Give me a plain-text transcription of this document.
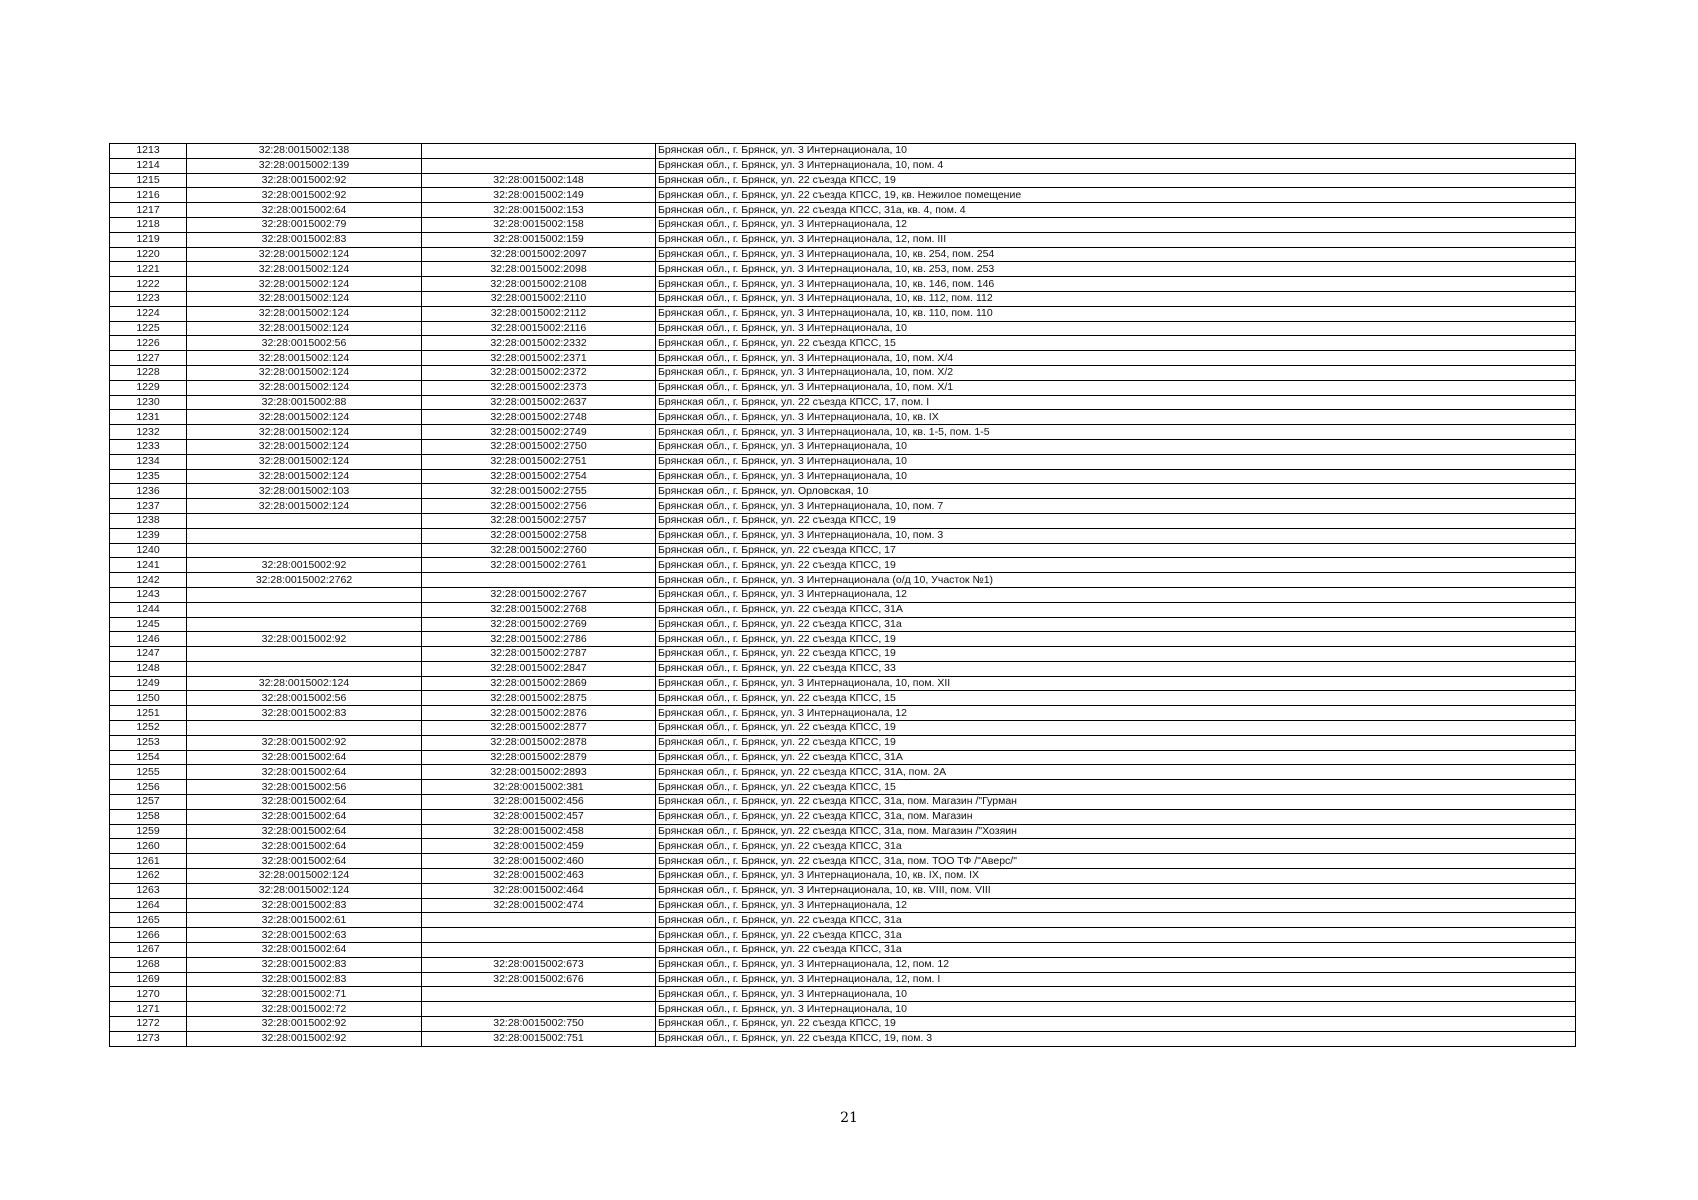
1213	32:28:0015002:138		Брянская обл., г. Брянск, ул. 3 Интернационала, 10
1214	32:28:0015002:139		Брянская обл., г. Брянск, ул. 3 Интернационала, 10, пом. 4
1215	32:28:0015002:92	32:28:0015002:148	Брянская обл., г. Брянск, ул. 22 съезда КПСС, 19
1216	32:28:0015002:92	32:28:0015002:149	Брянская обл., г. Брянск, ул. 22 съезда КПСС, 19, кв. Нежилое помещение
1217	32:28:0015002:64	32:28:0015002:153	Брянская обл., г. Брянск, ул. 22 съезда КПСС, 31а, кв. 4, пом. 4
1218	32:28:0015002:79	32:28:0015002:158	Брянская обл., г. Брянск, ул. 3 Интернационала, 12
1219	32:28:0015002:83	32:28:0015002:159	Брянская обл., г. Брянск, ул. 3 Интернационала, 12, пом. III
1220	32:28:0015002:124	32:28:0015002:2097	Брянская обл., г. Брянск, ул. 3 Интернационала, 10, кв. 254, пом. 254
1221	32:28:0015002:124	32:28:0015002:2098	Брянская обл., г. Брянск, ул. 3 Интернационала, 10, кв. 253, пом. 253
1222	32:28:0015002:124	32:28:0015002:2108	Брянская обл., г. Брянск, ул. 3 Интернационала, 10, кв. 146, пом. 146
1223	32:28:0015002:124	32:28:0015002:2110	Брянская обл., г. Брянск, ул. 3 Интернационала, 10, кв. 112, пом. 112
1224	32:28:0015002:124	32:28:0015002:2112	Брянская обл., г. Брянск, ул. 3 Интернационала, 10, кв. 110, пом. 110
1225	32:28:0015002:124	32:28:0015002:2116	Брянская обл., г. Брянск, ул. 3 Интернационала, 10
1226	32:28:0015002:56	32:28:0015002:2332	Брянская обл., г. Брянск, ул. 22 съезда КПСС, 15
1227	32:28:0015002:124	32:28:0015002:2371	Брянская обл., г. Брянск, ул. 3 Интернационала, 10, пом. Х/4
1228	32:28:0015002:124	32:28:0015002:2372	Брянская обл., г. Брянск, ул. 3 Интернационала, 10, пом. Х/2
1229	32:28:0015002:124	32:28:0015002:2373	Брянская обл., г. Брянск, ул. 3 Интернационала, 10, пом. Х/1
1230	32:28:0015002:88	32:28:0015002:2637	Брянская обл., г. Брянск, ул. 22 съезда КПСС, 17, пом. I
1231	32:28:0015002:124	32:28:0015002:2748	Брянская обл., г. Брянск, ул. 3 Интернационала, 10, кв. IX
1232	32:28:0015002:124	32:28:0015002:2749	Брянская обл., г. Брянск, ул. 3 Интернационала, 10, кв. 1-5, пом. 1-5
1233	32:28:0015002:124	32:28:0015002:2750	Брянская обл., г. Брянск, ул. 3 Интернационала, 10
1234	32:28:0015002:124	32:28:0015002:2751	Брянская обл., г. Брянск, ул. 3 Интернационала, 10
1235	32:28:0015002:124	32:28:0015002:2754	Брянская обл., г. Брянск, ул. 3 Интернационала, 10
1236	32:28:0015002:103	32:28:0015002:2755	Брянская обл., г. Брянск, ул. Орловская, 10
1237	32:28:0015002:124	32:28:0015002:2756	Брянская обл., г. Брянск, ул. 3 Интернационала, 10, пом. 7
1238		32:28:0015002:2757	Брянская обл., г. Брянск, ул. 22 съезда КПСС, 19
1239		32:28:0015002:2758	Брянская обл., г. Брянск, ул. 3 Интернационала, 10, пом. 3
1240		32:28:0015002:2760	Брянская обл., г. Брянск, ул. 22 съезда КПСС, 17
1241	32:28:0015002:92	32:28:0015002:2761	Брянская обл., г. Брянск, ул. 22 съезда КПСС, 19
1242	32:28:0015002:2762		Брянская обл., г. Брянск, ул. 3 Интернационала (о/д 10, Участок №1)
1243		32:28:0015002:2767	Брянская обл., г. Брянск, ул. 3 Интернационала, 12
1244		32:28:0015002:2768	Брянская обл., г. Брянск, ул. 22 съезда КПСС, 31А
1245		32:28:0015002:2769	Брянская обл., г. Брянск, ул. 22 съезда КПСС, 31а
1246	32:28:0015002:92	32:28:0015002:2786	Брянская обл., г. Брянск, ул. 22 съезда КПСС, 19
1247		32:28:0015002:2787	Брянская обл., г. Брянск, ул. 22 съезда КПСС, 19
1248		32:28:0015002:2847	Брянская обл., г. Брянск, ул. 22 съезда КПСС, 33
1249	32:28:0015002:124	32:28:0015002:2869	Брянская обл., г. Брянск, ул. 3 Интернационала, 10, пом. XII
1250	32:28:0015002:56	32:28:0015002:2875	Брянская обл., г. Брянск, ул. 22 съезда КПСС, 15
1251	32:28:0015002:83	32:28:0015002:2876	Брянская обл., г. Брянск, ул. 3 Интернационала, 12
1252		32:28:0015002:2877	Брянская обл., г. Брянск, ул. 22 съезда КПСС, 19
1253	32:28:0015002:92	32:28:0015002:2878	Брянская обл., г. Брянск, ул. 22 съезда КПСС, 19
1254	32:28:0015002:64	32:28:0015002:2879	Брянская обл., г. Брянск, ул. 22 съезда КПСС, 31А
1255	32:28:0015002:64	32:28:0015002:2893	Брянская обл., г. Брянск, ул. 22 съезда КПСС, 31А, пом. 2А
1256	32:28:0015002:56	32:28:0015002:381	Брянская обл., г. Брянск, ул. 22 съезда КПСС, 15
1257	32:28:0015002:64	32:28:0015002:456	Брянская обл., г. Брянск, ул. 22 съезда КПСС, 31а, пом. Магазин /"Гурман
1258	32:28:0015002:64	32:28:0015002:457	Брянская обл., г. Брянск, ул. 22 съезда КПСС, 31а, пом. Магазин
1259	32:28:0015002:64	32:28:0015002:458	Брянская обл., г. Брянск, ул. 22 съезда КПСС, 31а, пом. Магазин /"Хозяин
1260	32:28:0015002:64	32:28:0015002:459	Брянская обл., г. Брянск, ул. 22 съезда КПСС, 31а
1261	32:28:0015002:64	32:28:0015002:460	Брянская обл., г. Брянск, ул. 22 съезда КПСС, 31а, пом. ТОО ТФ /"Аверс/"
1262	32:28:0015002:124	32:28:0015002:463	Брянская обл., г. Брянск, ул. 3 Интернационала, 10, кв. IX, пом. IX
1263	32:28:0015002:124	32:28:0015002:464	Брянская обл., г. Брянск, ул. 3 Интернационала, 10, кв. VIII, пом. VIII
1264	32:28:0015002:83	32:28:0015002:474	Брянская обл., г. Брянск, ул. 3 Интернационала, 12
1265	32:28:0015002:61		Брянская обл., г. Брянск, ул. 22 съезда КПСС, 31а
1266	32:28:0015002:63		Брянская обл., г. Брянск, ул. 22 съезда КПСС, 31а
1267	32:28:0015002:64		Брянская обл., г. Брянск, ул. 22 съезда КПСС, 31а
1268	32:28:0015002:83	32:28:0015002:673	Брянская обл., г. Брянск, ул. 3 Интернационала, 12, пом. 12
1269	32:28:0015002:83	32:28:0015002:676	Брянская обл., г. Брянск, ул. 3 Интернационала, 12, пом. I
1270	32:28:0015002:71		Брянская обл., г. Брянск, ул. 3 Интернационала, 10
1271	32:28:0015002:72		Брянская обл., г. Брянск, ул. 3 Интернационала, 10
1272	32:28:0015002:92	32:28:0015002:750	Брянская обл., г. Брянск, ул. 22 съезда КПСС, 19
1273	32:28:0015002:92	32:28:0015002:751	Брянская обл., г. Брянск, ул. 22 съезда КПСС, 19, пом. 3
21
